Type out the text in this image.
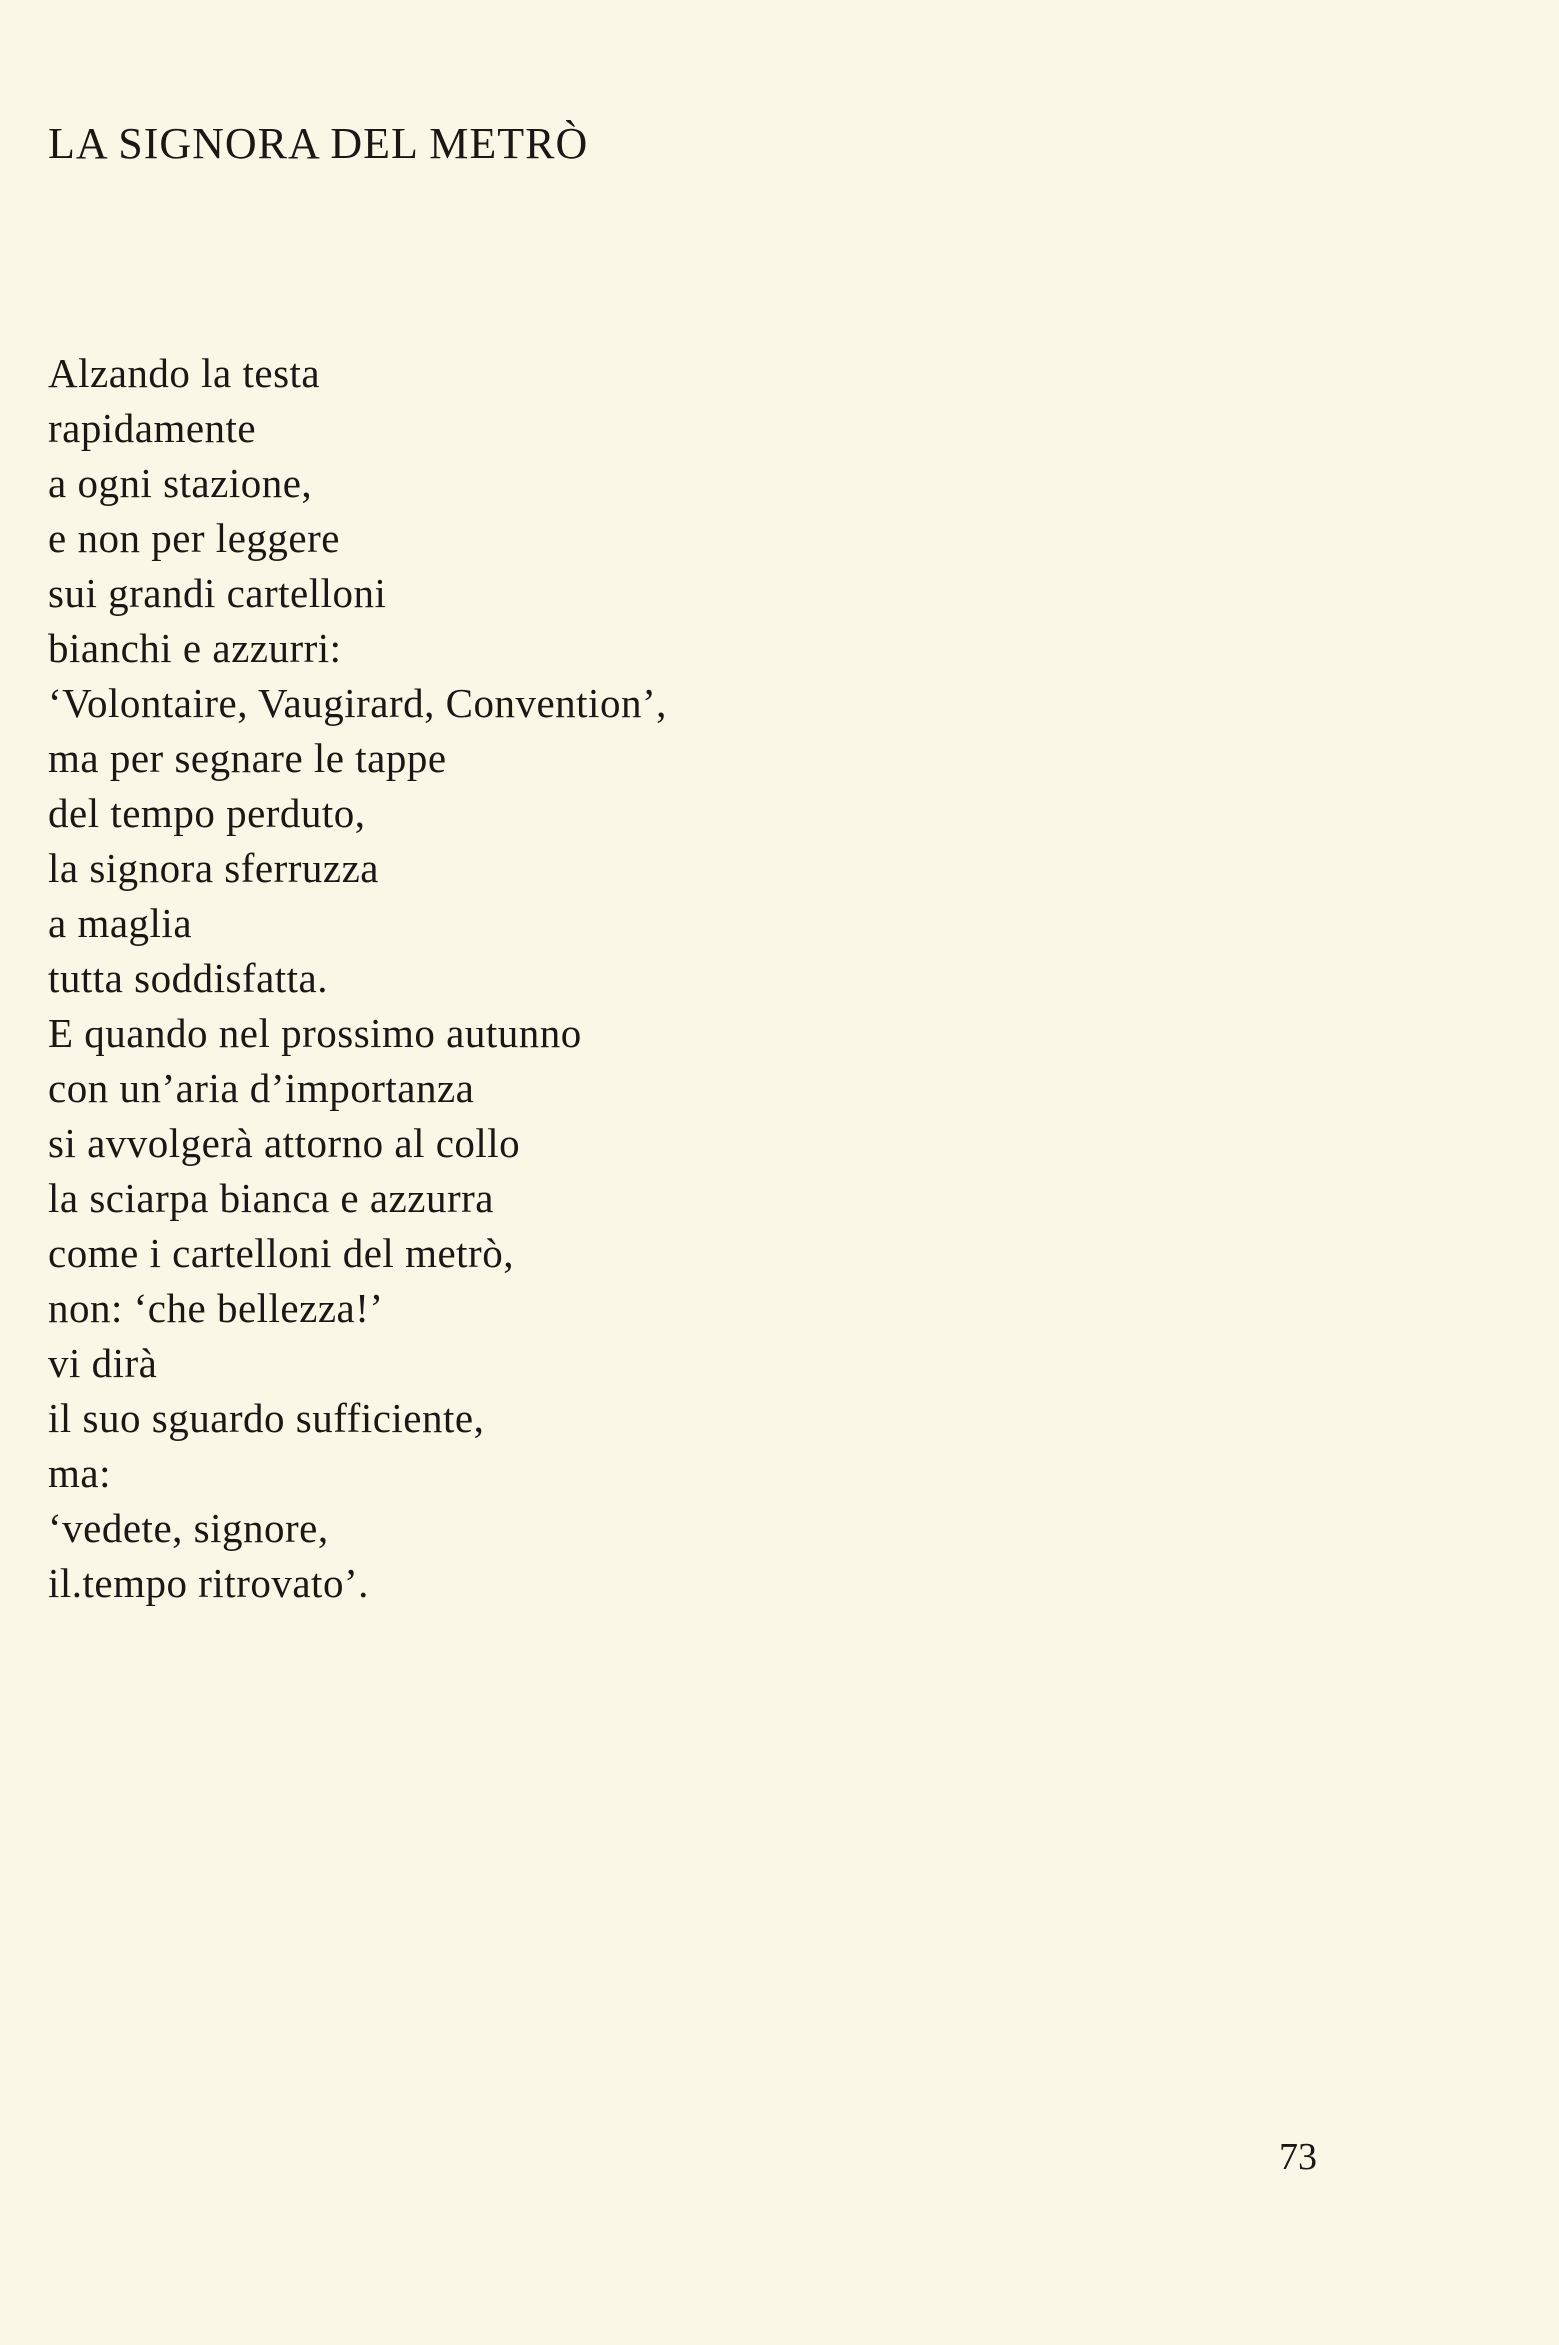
LA SIGNORA DEL METRÒ
Alzando la testa
rapidamente
a ogni stazione,
e non per leggere
sui grandi cartelloni
bianchi e azzurri:
‘Volontaire, Vaugirard, Convention’,
ma per segnare le tappe
del tempo perduto,
la signora sferruzza
a maglia
tutta soddisfatta.
E quando nel prossimo autunno
con un’aria d’importanza
si avvolgerà attorno al collo
la sciarpa bianca e azzurra
come i cartelloni del metrò,
non: ‘che bellezza!’
vi dirà
il suo sguardo sufficiente,
ma:
‘vedete, signore,
il.tempo ritrovato’.
73
